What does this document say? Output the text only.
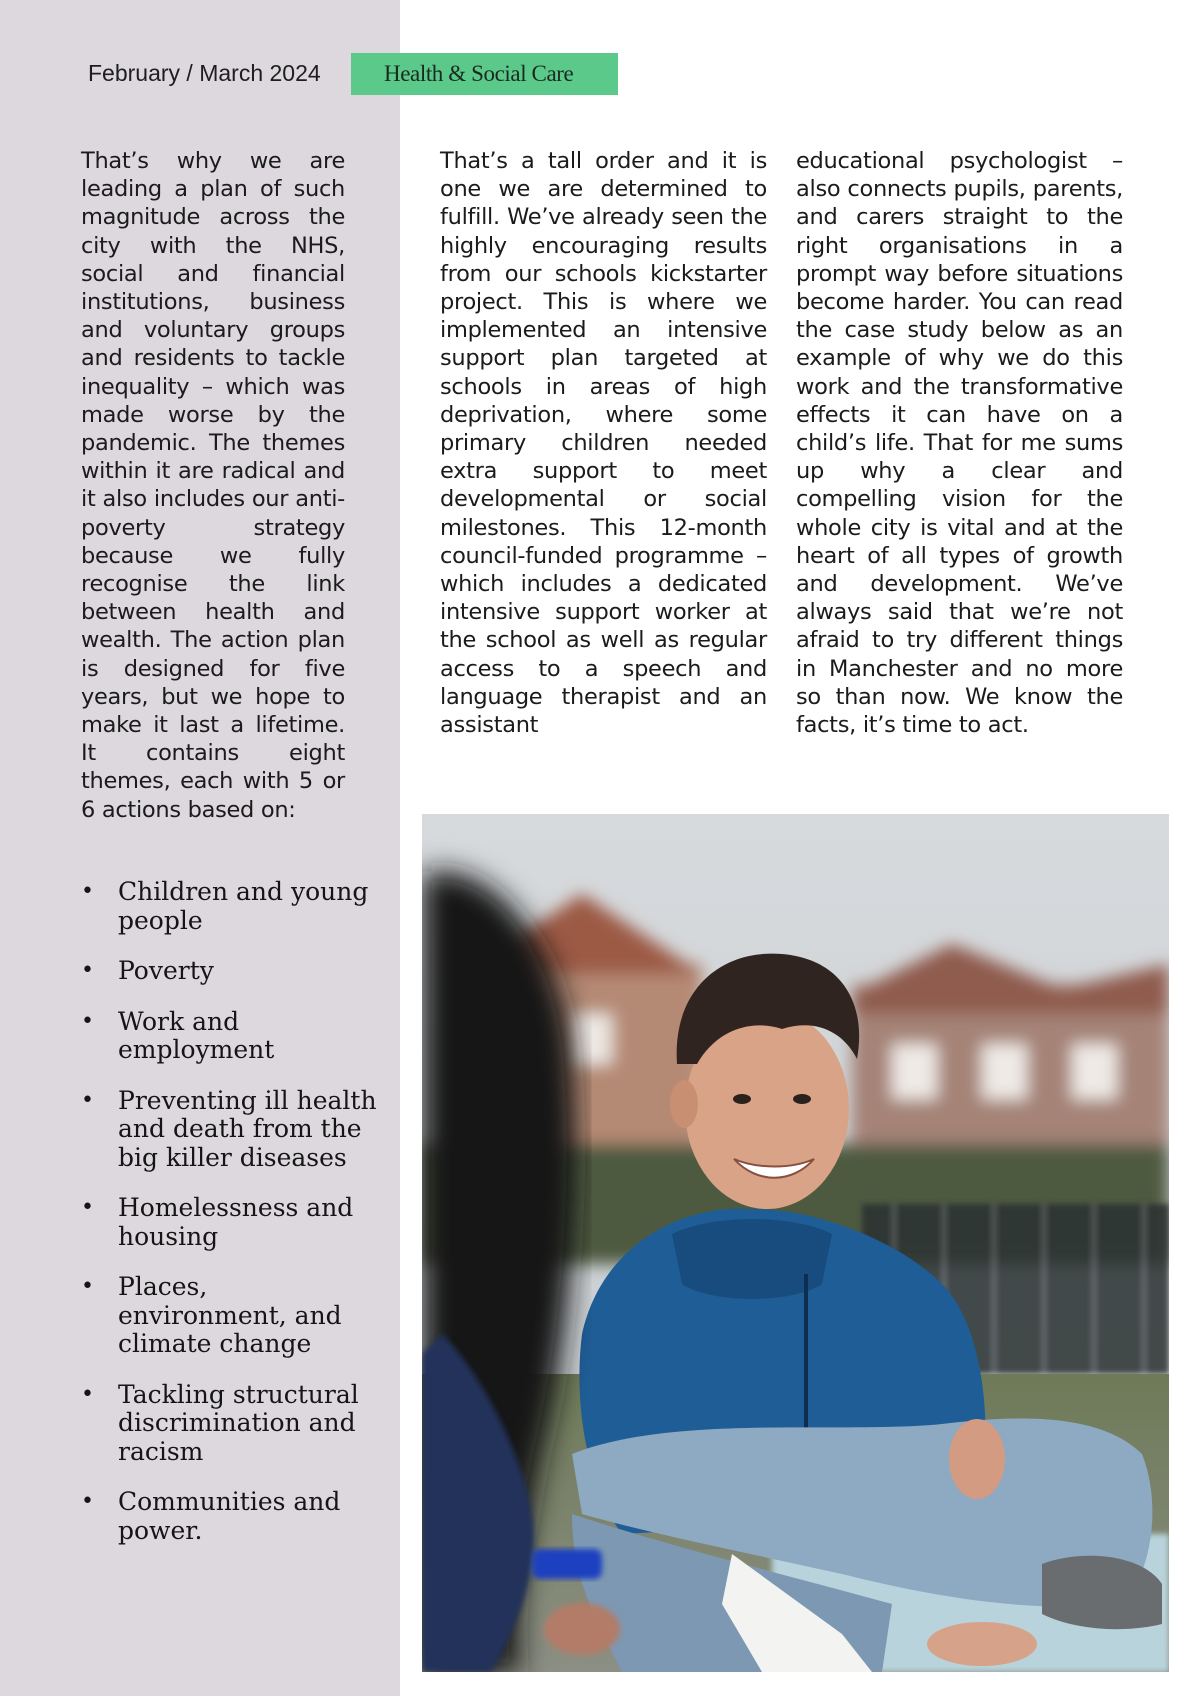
February / March 2024	Health & Social Care

That’s why we are leading a plan of such magnitude across the city with the NHS, social and financial institutions, business and voluntary groups and residents to tackle inequality – which was made worse by the pandemic. The themes within it are radical and it also includes our anti-poverty strategy because we fully recognise the link between health and wealth. The action plan is designed for five years, but we hope to make it last a lifetime. It contains eight themes, each with 5 or 6 actions based on:

That’s a tall order and it is one we are determined to fulfill. We’ve already seen the highly encouraging results from our schools kickstarter project. This is where we implemented an intensive support plan targeted at schools in areas of high deprivation, where some primary children needed extra support to meet developmental or social milestones. This 12-month council-funded programme – which includes a dedicated intensive support worker at the school as well as regular access to a speech and language therapist and an assistant

educational psychologist – also connects pupils, parents, and carers straight to the right organisations in a prompt way before situations become harder. You can read the case study below as an example of why we do this work and the transformative effects it can have on a child’s life. That for me sums up why a clear and compelling vision for the whole city is vital and at the heart of all types of growth and development. We’ve always said that we’re not afraid to try different things in Manchester and no more so than now. We know the facts, it’s time to act.

• Children and young people
• Poverty
• Work and employment
• Preventing ill health and death from the big killer diseases
• Homelessness and housing
• Places, environment, and climate change
• Tackling structural discrimination and racism
• Communities and power.
